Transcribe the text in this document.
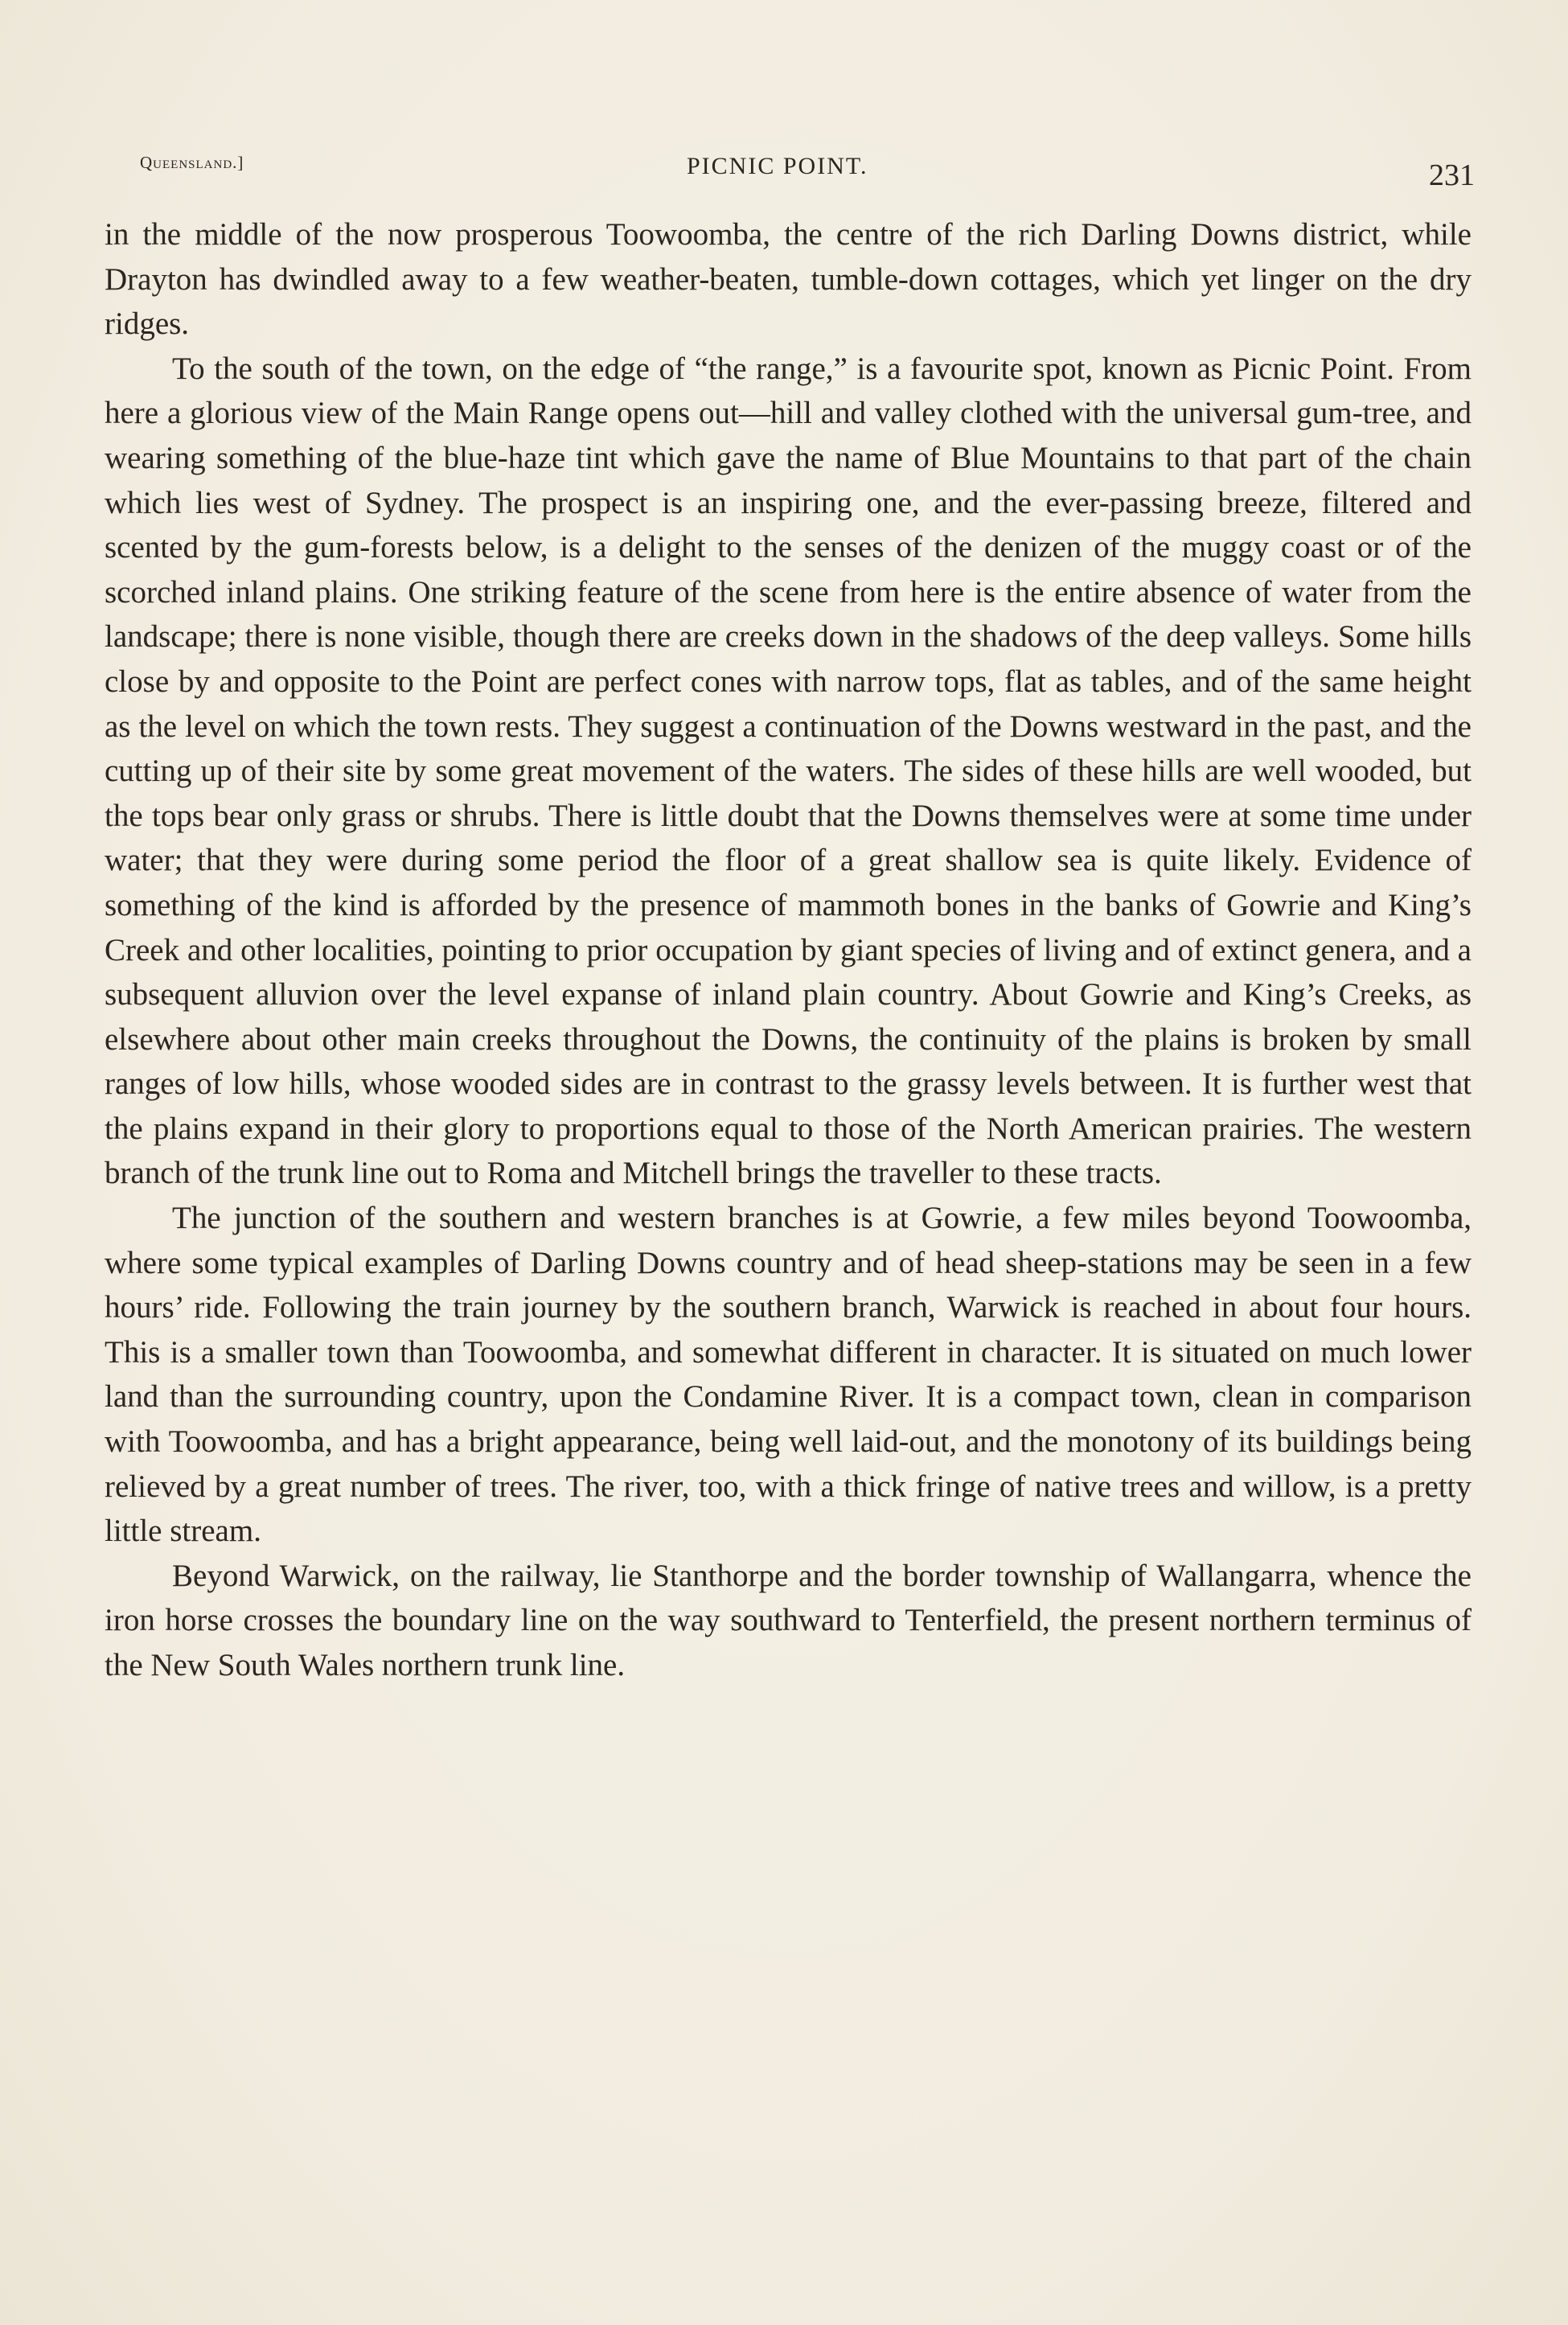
Queensland.]	PICNIC POINT.	231

in the middle of the now prosperous Toowoomba, the centre of the rich Darling Downs district, while Drayton has dwindled away to a few weather-beaten, tumble-down cottages, which yet linger on the dry ridges.

To the south of the town, on the edge of “the range,” is a favourite spot, known as Picnic Point. From here a glorious view of the Main Range opens out—hill and valley clothed with the universal gum-tree, and wearing something of the blue-haze tint which gave the name of Blue Mountains to that part of the chain which lies west of Sydney. The prospect is an inspiring one, and the ever-passing breeze, filtered and scented by the gum-forests below, is a delight to the senses of the denizen of the muggy coast or of the scorched inland plains. One striking feature of the scene from here is the entire absence of water from the landscape; there is none visible, though there are creeks down in the shadows of the deep valleys. Some hills close by and opposite to the Point are perfect cones with narrow tops, flat as tables, and of the same height as the level on which the town rests. They suggest a continuation of the Downs westward in the past, and the cutting up of their site by some great movement of the waters. The sides of these hills are well wooded, but the tops bear only grass or shrubs. There is little doubt that the Downs themselves were at some time under water; that they were during some period the floor of a great shallow sea is quite likely. Evidence of something of the kind is afforded by the presence of mammoth bones in the banks of Gowrie and King’s Creek and other localities, pointing to prior occupation by giant species of living and of extinct genera, and a subsequent alluvion over the level expanse of inland plain country. About Gowrie and King’s Creeks, as elsewhere about other main creeks throughout the Downs, the continuity of the plains is broken by small ranges of low hills, whose wooded sides are in contrast to the grassy levels between. It is further west that the plains expand in their glory to proportions equal to those of the North American prairies. The western branch of the trunk line out to Roma and Mitchell brings the traveller to these tracts.

The junction of the southern and western branches is at Gowrie, a few miles beyond Toowoomba, where some typical examples of Darling Downs country and of head sheep-stations may be seen in a few hours’ ride. Following the train journey by the southern branch, Warwick is reached in about four hours. This is a smaller town than Toowoomba, and somewhat different in character. It is situated on much lower land than the surrounding country, upon the Condamine River. It is a compact town, clean in comparison with Toowoomba, and has a bright appearance, being well laid-out, and the monotony of its buildings being relieved by a great number of trees. The river, too, with a thick fringe of native trees and willow, is a pretty little stream.

Beyond Warwick, on the railway, lie Stanthorpe and the border township of Wallangarra, whence the iron horse crosses the boundary line on the way southward to Tenterfield, the present northern terminus of the New South Wales northern trunk line.
